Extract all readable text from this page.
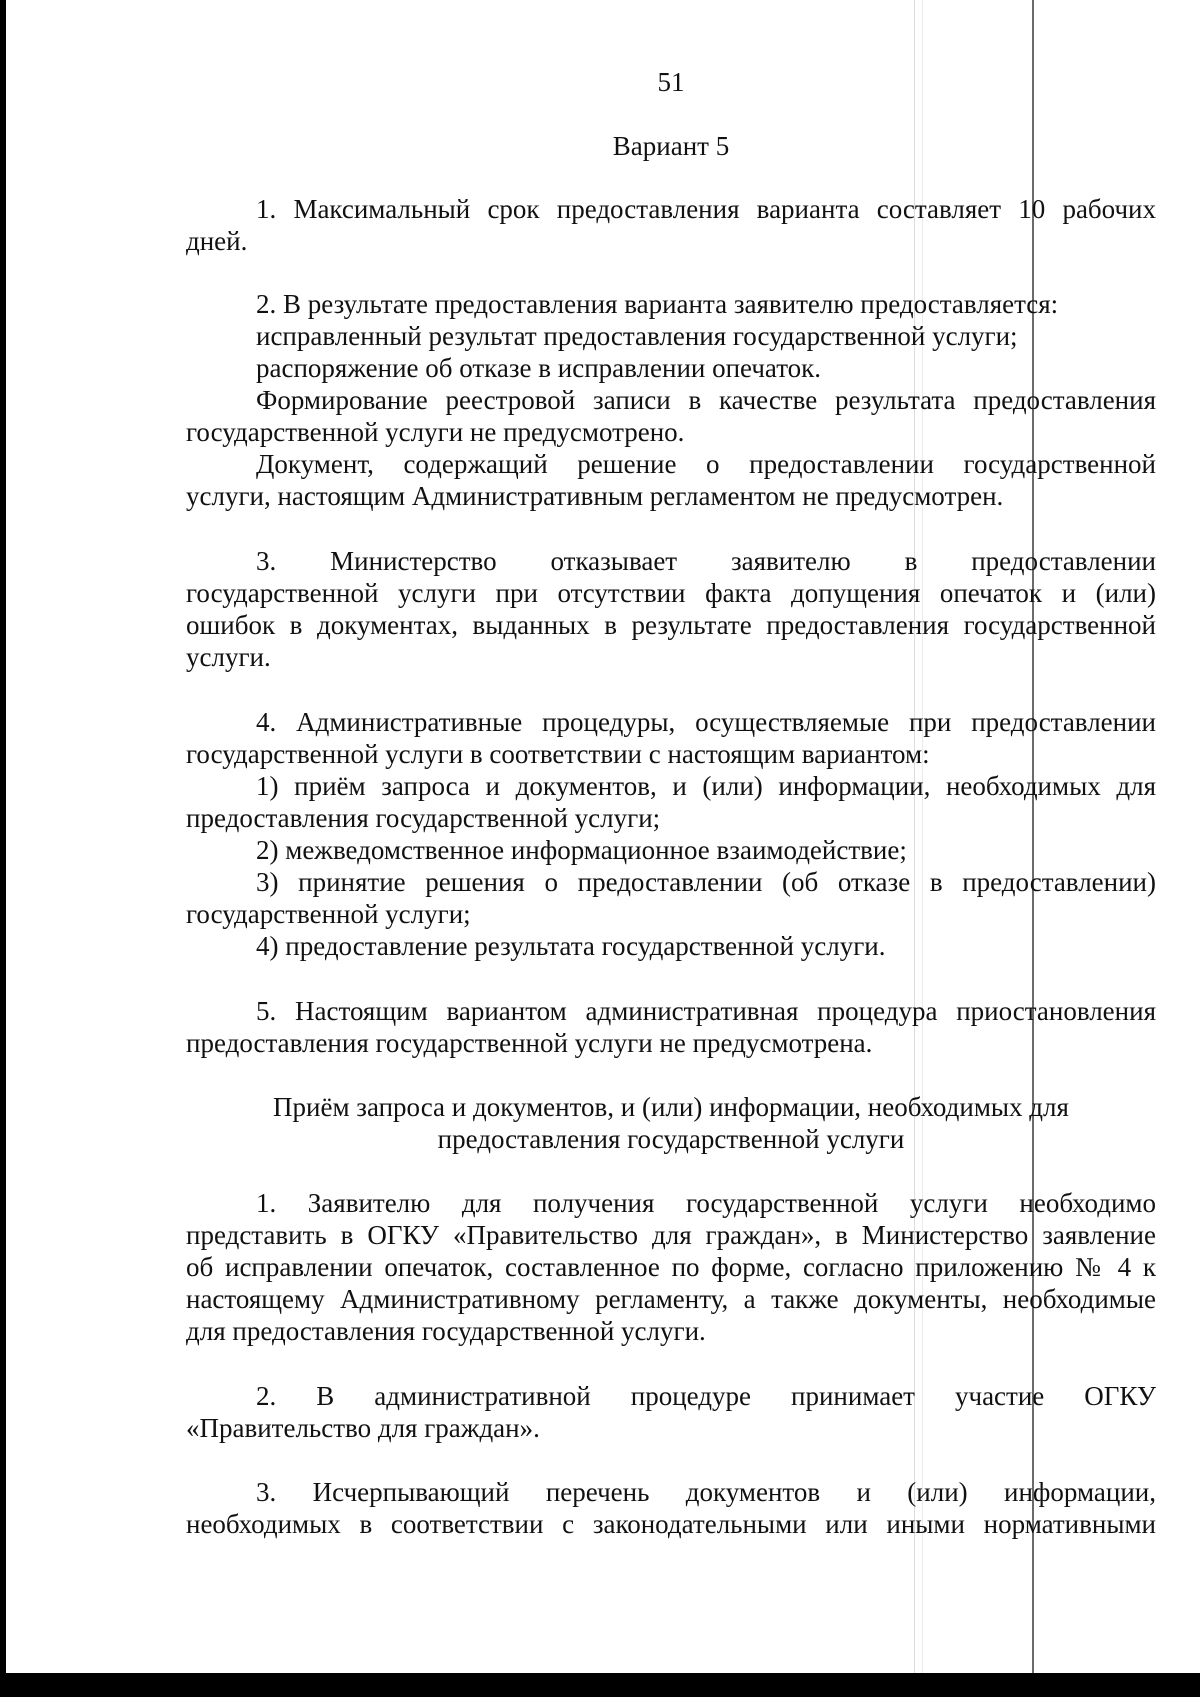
51
Вариант 5
1. Максимальный срок предоставления варианта составляет 10 рабочих
дней.
2. В результате предоставления варианта заявителю предоставляется:
исправленный результат предоставления государственной услуги;
распоряжение об отказе в исправлении опечаток.
Формирование реестровой записи в качестве результата предоставления
государственной услуги не предусмотрено.
Документ, содержащий решение о предоставлении государственной
услуги, настоящим Административным регламентом не предусмотрен.
3. Министерство отказывает заявителю в предоставлении
государственной услуги при отсутствии факта допущения опечаток и (или)
ошибок в документах, выданных в результате предоставления государственной
услуги.
4. Административные процедуры, осуществляемые при предоставлении
государственной услуги в соответствии с настоящим вариантом:
1) приём запроса и документов, и (или) информации, необходимых для
предоставления государственной услуги;
2) межведомственное информационное взаимодействие;
3) принятие решения о предоставлении (об отказе в предоставлении)
государственной услуги;
4) предоставление результата государственной услуги.
5. Настоящим вариантом административная процедура приостановления
предоставления государственной услуги не предусмотрена.
Приём запроса и документов, и (или) информации, необходимых для
предоставления государственной услуги
1. Заявителю для получения государственной услуги необходимо
представить в ОГКУ «Правительство для граждан», в Министерство заявление
об исправлении опечаток, составленное по форме, согласно приложению № 4 к
настоящему Административному регламенту, а также документы, необходимые
для предоставления государственной услуги.
2. В административной процедуре принимает участие ОГКУ
«Правительство для граждан».
3. Исчерпывающий перечень документов и (или) информации,
необходимых в соответствии с законодательными или иными нормативными
